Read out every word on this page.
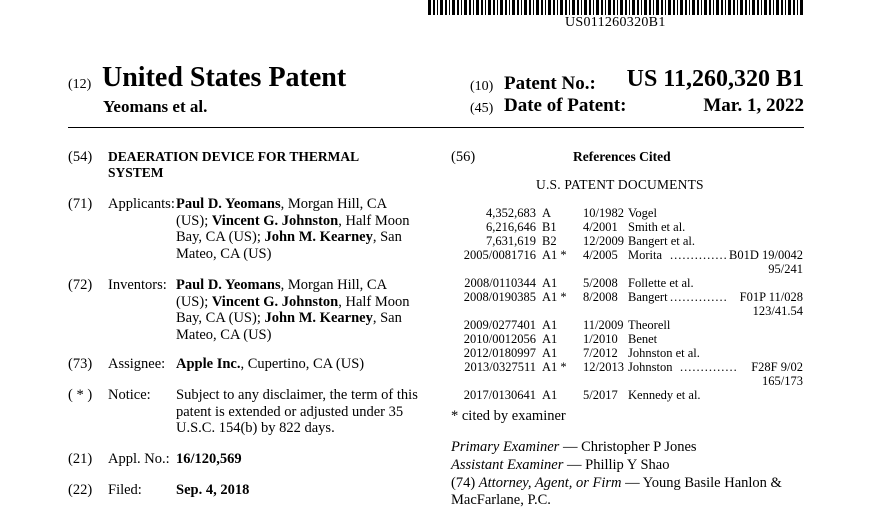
US011260320B1
(12) United States Patent
Yeomans et al.
(10) Patent No.: US 11,260,320 B1
(45) Date of Patent:	Mar. 1, 2022
(54) DEAERATION DEVICE FOR THERMAL
SYSTEM
(71) Applicants: Paul D. Yeomans, Morgan Hill, CA
(US); Vincent G. Johnston, Half Moon
Bay, CA (US); John M. Kearney, San
Mateo, CA (US)
(72) Inventors: Paul D. Yeomans, Morgan Hill, CA
(US); Vincent G. Johnston, Half Moon
Bay, CA (US); John M. Kearney, San
Mateo, CA (US)
(73) Assignee: Apple Inc., Cupertino, CA (US)
( * ) Notice: Subject to any disclaimer, the term of this
patent is extended or adjusted under 35
U.S.C. 154(b) by 822 days.
(21) Appl. No.: 16/120,569
(22) Filed: Sep. 4, 2018
(56)	References Cited
U.S. PATENT DOCUMENTS
4,352,683 A	10/1982 Vogel
6,216,646 B1 4/2001 Smith et al.
7,631,619 B2 12/2009 Bangert et al.
2005/0081716 A1 * 4/2005 Morita .............. B01D 19/0042
95/241
2008/0110344 A1 5/2008 Follette et al.
2008/0190385 A1 * 8/2008 Bangert .............. F01P 11/028
123/41.54
2009/0277401 A1 11/2009 Theorell
2010/0012056 A1 1/2010 Benet
2012/0180997 A1 7/2012 Johnston et al.
2013/0327511 A1 * 12/2013 Johnston .............. F28F 9/02
165/173
2017/0130641 A1 5/2017 Kennedy et al.
* cited by examiner
Primary Examiner — Christopher P Jones
Assistant Examiner — Phillip Y Shao
(74) Attorney, Agent, or Firm — Young Basile Hanlon &
MacFarlane, P.C.
